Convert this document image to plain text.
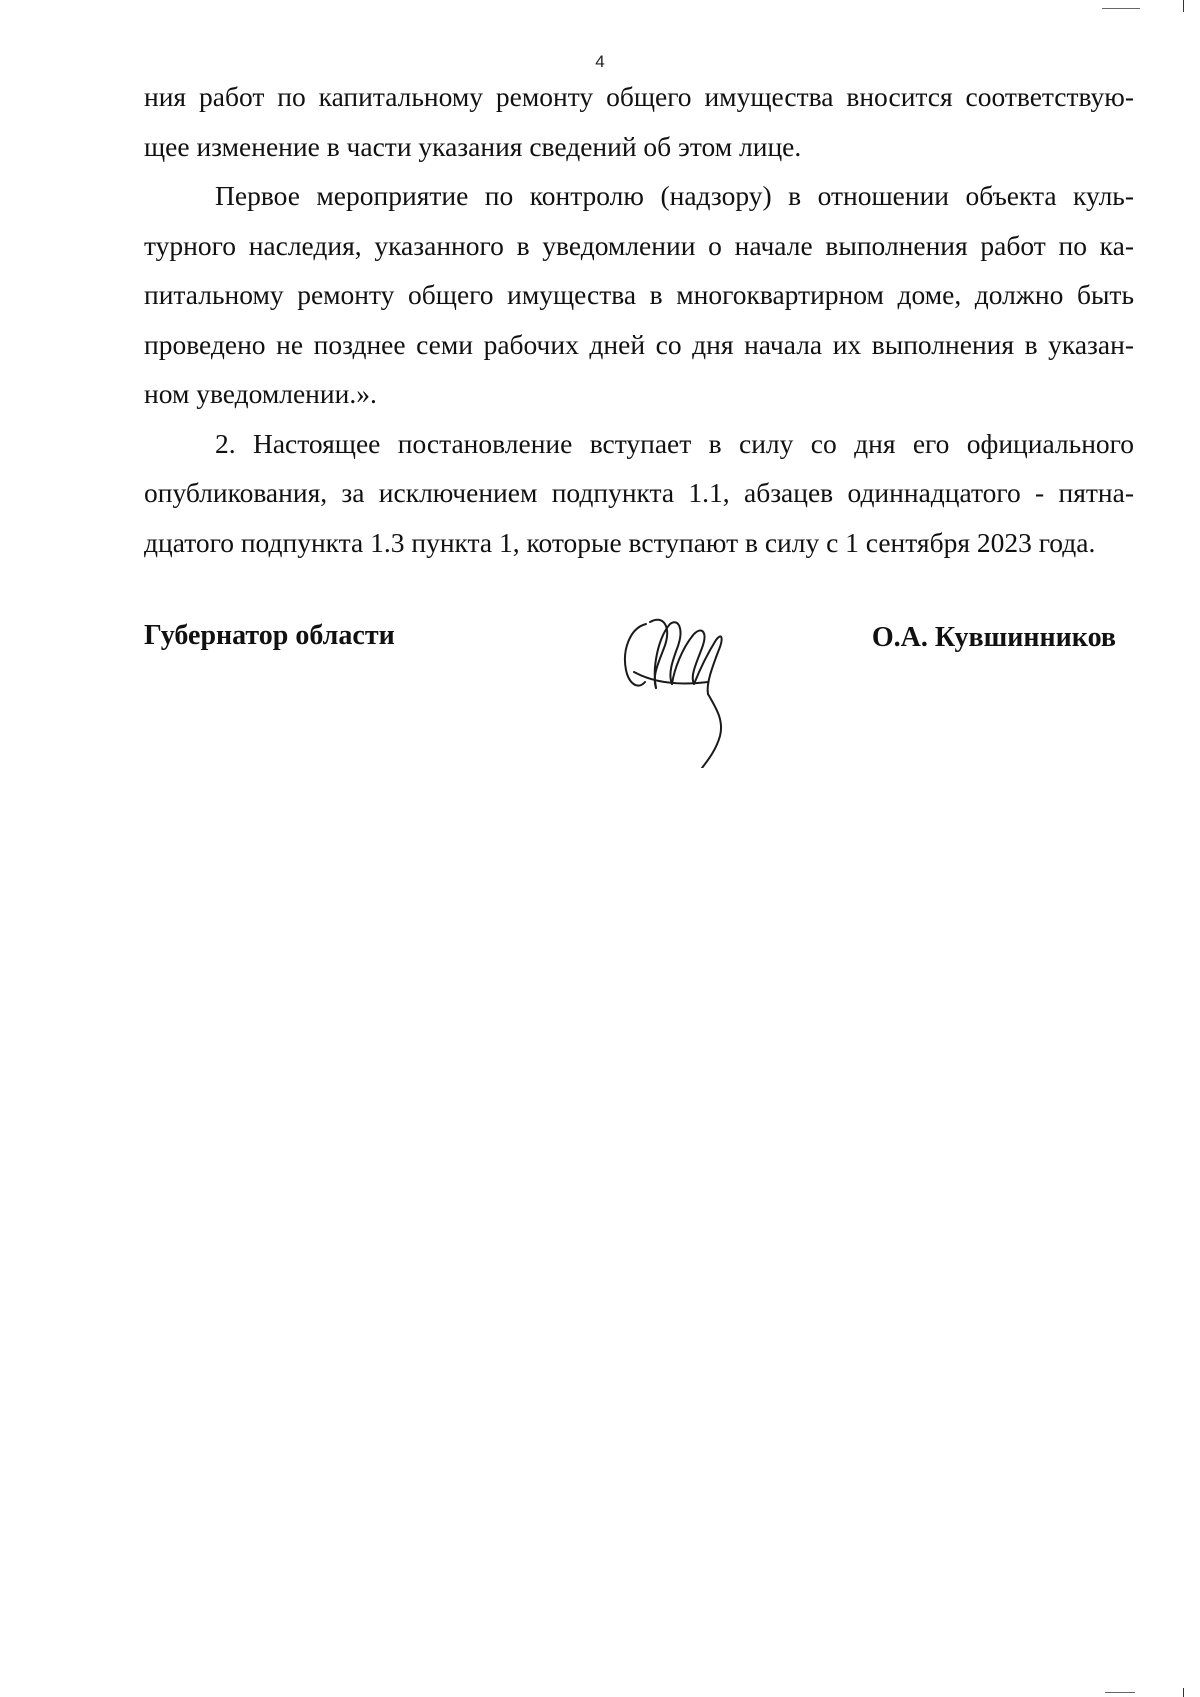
4
ния работ по капитальному ремонту общего имущества вносится соответствую-
щее изменение в части указания сведений об этом лице.
Первое мероприятие по контролю (надзору) в отношении объекта куль-
турного наследия, указанного в уведомлении о начале выполнения работ по ка-
питальному ремонту общего имущества в многоквартирном доме, должно быть
проведено не позднее семи рабочих дней со дня начала их выполнения в указан-
ном уведомлении.».
2. Настоящее постановление вступает в силу со дня его официального
опубликования, за исключением подпункта 1.1, абзацев одиннадцатого - пятна-
дцатого подпункта 1.3 пункта 1, которые вступают в силу с 1 сентября 2023 года.
Губернатор области	О.А. Кувшинников
